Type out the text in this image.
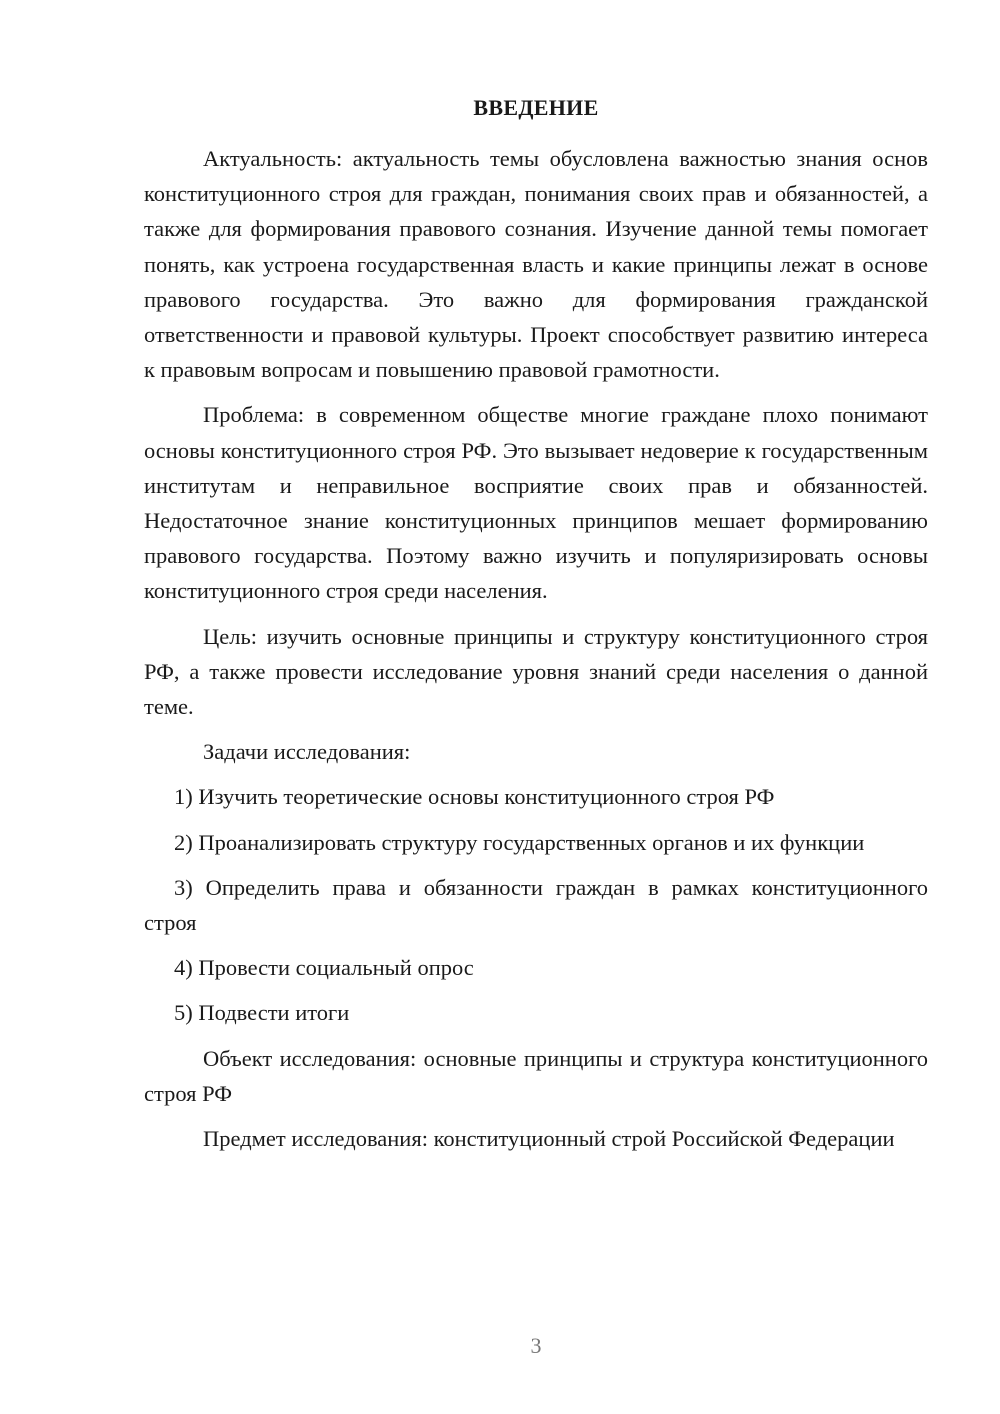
ВВЕДЕНИЕ

Актуальность: актуальность темы обусловлена важностью знания основ конституционного строя для граждан, понимания своих прав и обязанностей, а также для формирования правового сознания. Изучение данной темы помогает понять, как устроена государственная власть и какие принципы лежат в основе правового государства. Это важно для формирования гражданской ответственности и правовой культуры. Проект способствует развитию интереса к правовым вопросам и повышению правовой грамотности.

Проблема: в современном обществе многие граждане плохо понимают основы конституционного строя РФ. Это вызывает недоверие к государственным институтам и неправильное восприятие своих прав и обязанностей. Недостаточное знание конституционных принципов мешает формированию правового государства. Поэтому важно изучить и популяризировать основы конституционного строя среди населения.

Цель: изучить основные принципы и структуру конституционного строя РФ, а также провести исследование уровня знаний среди населения о данной теме.

Задачи исследования:

1) Изучить теоретические основы конституционного строя РФ

2) Проанализировать структуру государственных органов и их функции

3) Определить права и обязанности граждан в рамках конституционного строя

4) Провести социальный опрос

5) Подвести итоги

Объект исследования: основные принципы и структура конституционного строя РФ

Предмет исследования: конституционный строй Российской Федерации

3
